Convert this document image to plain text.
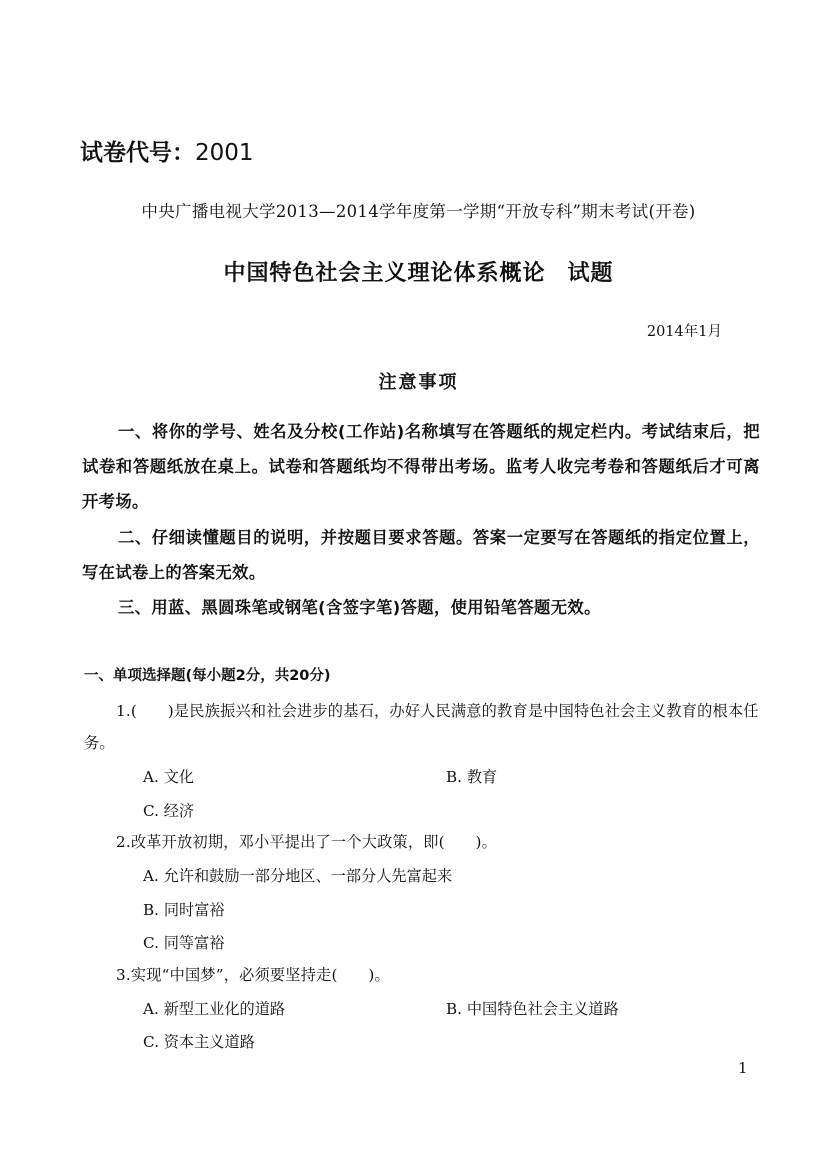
试卷代号：2001
中央广播电视大学2013—2014学年度第一学期“开放专科”期末考试(开卷)
中国特色社会主义理论体系概论 试题
2014年1月
注意事项

一、将你的学号、姓名及分校(工作站)名称填写在答题纸的规定栏内。考试结束后，把试卷和答题纸放在桌上。试卷和答题纸均不得带出考场。监考人收完考卷和答题纸后才可离开考场。

二、仔细读懂题目的说明，并按题目要求答题。答案一定要写在答题纸的指定位置上，写在试卷上的答案无效。

三、用蓝、黑圆珠笔或钢笔(含签字笔)答题，使用铅笔答题无效。

一、单项选择题(每小题2分，共20分)

1.(　　)是民族振兴和社会进步的基石，办好人民满意的教育是中国特色社会主义教育的根本任务。

A. 文化	B. 教育
C. 经济

2.改革开放初期，邓小平提出了一个大政策，即(　　)。

A. 允许和鼓励一部分地区、一部分人先富起来
B. 同时富裕
C. 同等富裕

3.实现“中国梦”，必须要坚持走(　　)。

A. 新型工业化的道路	B. 中国特色社会主义道路
C. 资本主义道路
1
